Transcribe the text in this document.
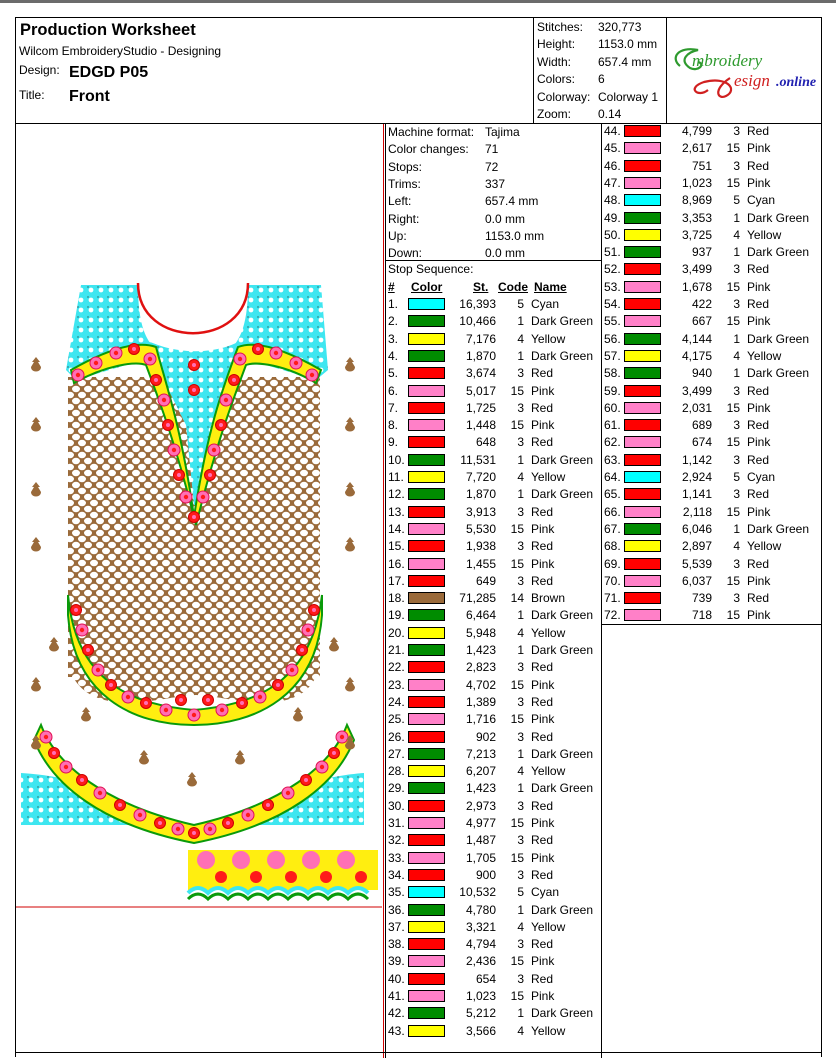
Production Worksheet
Wilcom EmbroideryStudio - Designing
Design: EDGD P05
Title: Front
Stitches: 320,773
Height: 1153.0 mm
Width: 657.4 mm
Colors: 6
Colorway: Colorway 1
Zoom: 0.14
mbroidery
esign .online
Machine format: Tajima
Color changes: 71
Stops:	72
Trims:	337
Left:	657.4 mm
Right:	0.0 mm
Up:	1153.0 mm
Down:	0.0 mm
Stop Sequence:
# Color	St. Code Name
1.	16,393	5 Cyan
2.	10,466	1 Dark Green
3.	7,176	4 Yellow
4.	1,870	1 Dark Green
5.	3,674	3 Red
6.	5,017	15 Pink
7.	1,725	3 Red
8.	1,448	15 Pink
9.	648	3 Red
10.	11,531	1 Dark Green
11.	7,720	4 Yellow
12.	1,870	1 Dark Green
13.	3,913	3 Red
14.	5,530	15 Pink
15.	1,938	3 Red
16.	1,455	15 Pink
17.	649	3 Red
18.	71,285	14 Brown
19.	6,464	1 Dark Green
20.	5,948	4 Yellow
21.	1,423	1 Dark Green
22.	2,823	3 Red
23.	4,702	15 Pink
24.	1,389	3 Red
25.	1,716	15 Pink
26.	902	3 Red
27.	7,213	1 Dark Green
28.	6,207	4 Yellow
29.	1,423	1 Dark Green
30.	2,973	3 Red
31.	4,977	15 Pink
32.	1,487	3 Red
33.	1,705	15 Pink
34.	900	3 Red
35.	10,532	5 Cyan
36.	4,780	1 Dark Green
37.	3,321	4 Yellow
38.	4,794	3 Red
39.	2,436	15 Pink
40.	654	3 Red
41.	1,023	15 Pink
42.	5,212	1 Dark Green
43.	3,566	4 Yellow
44.	4,799	3 Red
45.	2,617	15 Pink
46.	751	3 Red
47.	1,023	15 Pink
48.	8,969	5 Cyan
49.	3,353	1 Dark Green
50.	3,725	4 Yellow
51.	937	1 Dark Green
52.	3,499	3 Red
53.	1,678	15 Pink
54.	422	3 Red
55.	667	15 Pink
56.	4,144	1 Dark Green
57.	4,175	4 Yellow
58.	940	1 Dark Green
59.	3,499	3 Red
60.	2,031	15 Pink
61.	689	3 Red
62.	674	15 Pink
63.	1,142	3 Red
64.	2,924	5 Cyan
65.	1,141	3 Red
66.	2,118	15 Pink
67.	6,046	1 Dark Green
68.	2,897	4 Yellow
69.	5,539	3 Red
70.	6,037	15 Pink
71.	739	3 Red
72.	718	15 Pink
